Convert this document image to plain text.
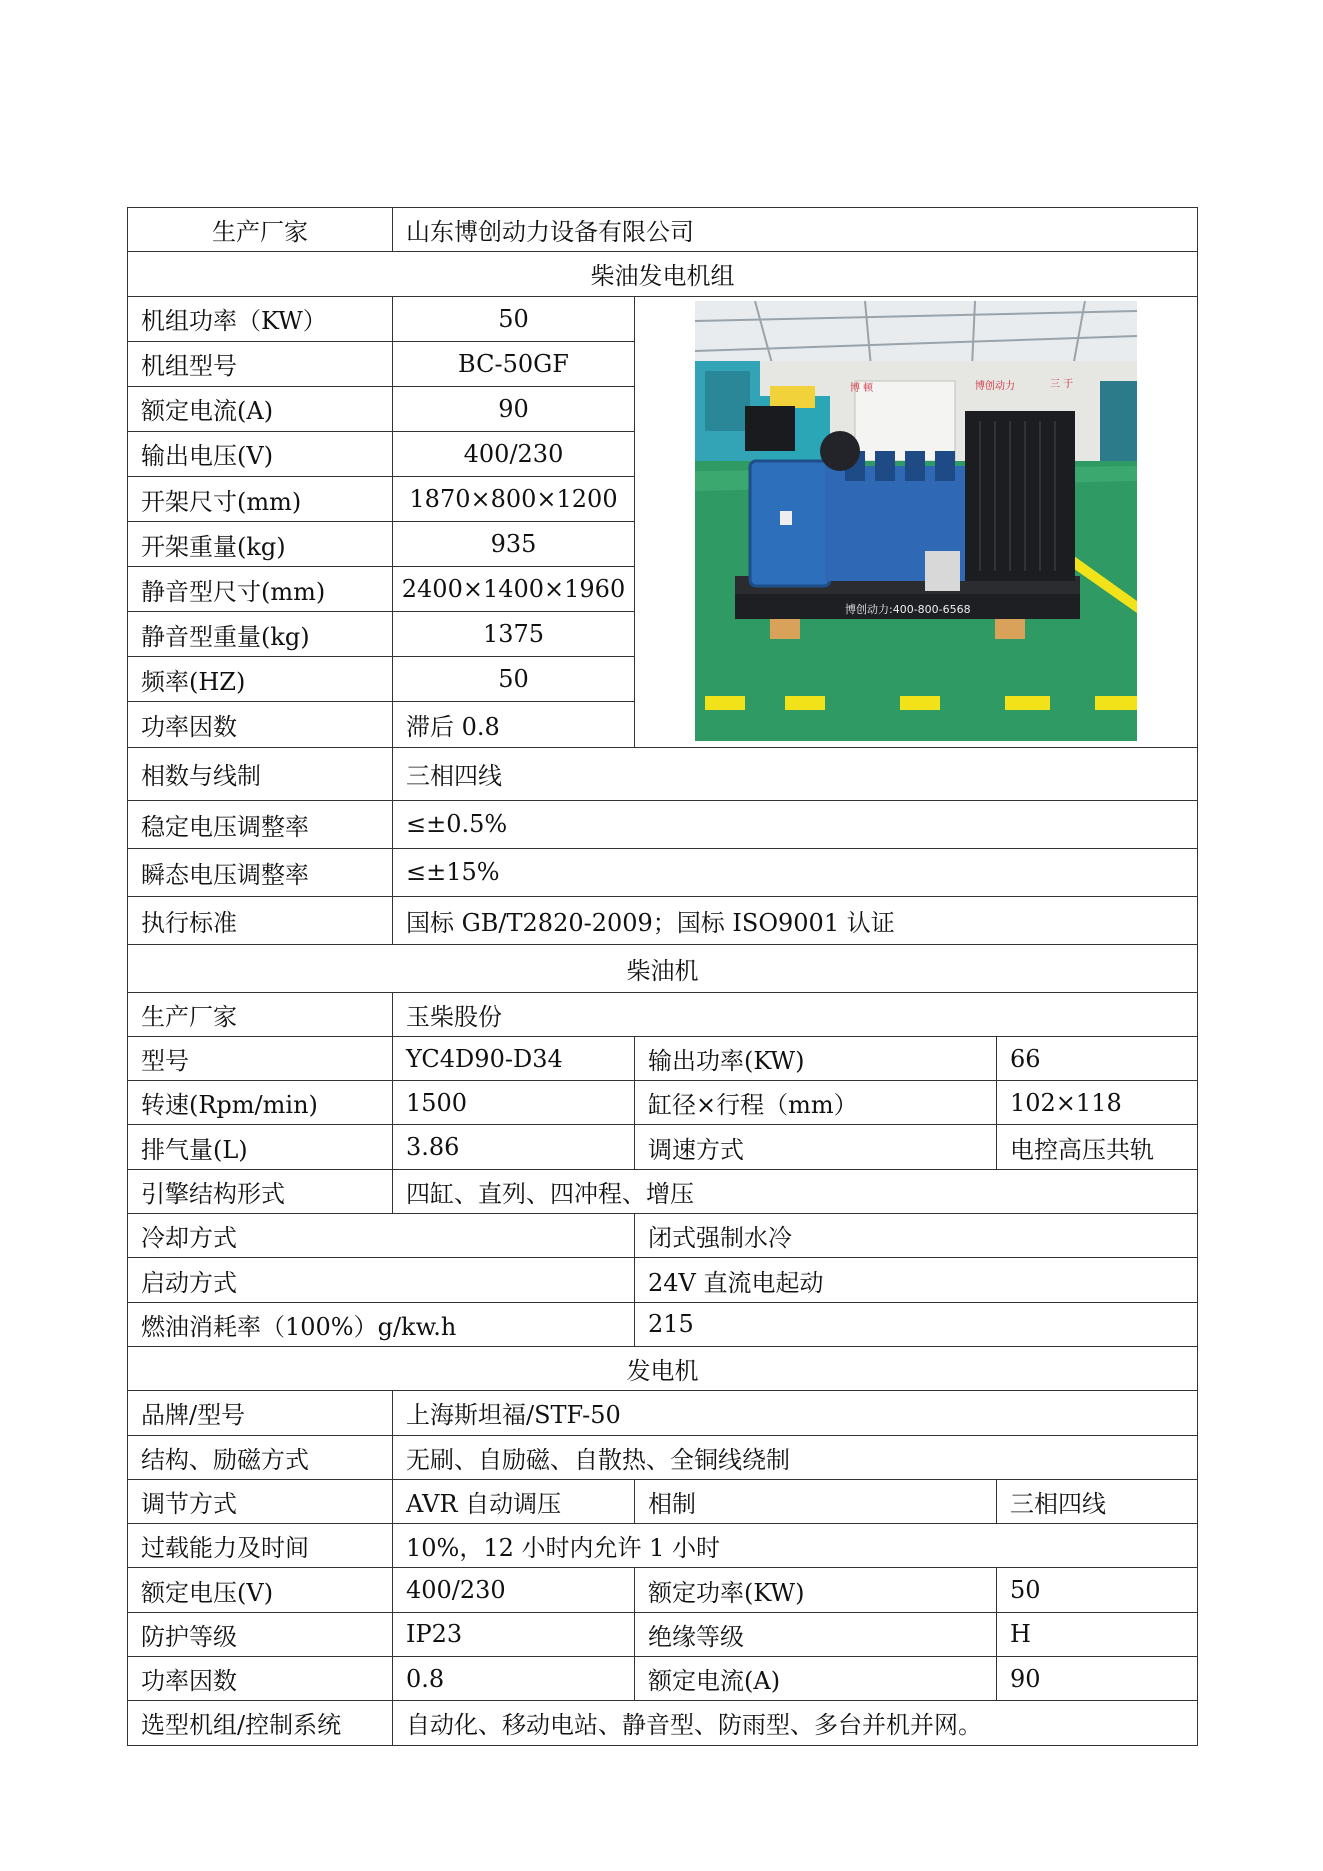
生产厂家	山东博创动力设备有限公司		
柴油发电机组			
机组功率（KW）	50	博 顿 博创动力 三 于
博创动力:400-800-6568	

机组型号	BC-50GF		
额定电流(A)	90		
输出电压(V)	400/230		
开架尺寸(mm)	1870×800×1200		
开架重量(kg)	935		
静音型尺寸(mm)	2400×1400×1960		
静音型重量(kg)	1375		
频率(HZ)	50		
功率因数	滞后 0.8		
相数与线制	三相四线		
稳定电压调整率	≤±0.5%		
瞬态电压调整率	≤±15%		
执行标准	国标 GB/T2820-2009；国标 ISO9001 认证		
柴油机			
生产厂家	玉柴股份		
型号	YC4D90-D34	输出功率(KW)	66
转速(Rpm/min)	1500	缸径×行程（mm）	102×118
排气量(L)	3.86	调速方式	电控高压共轨
引擎结构形式	四缸、直列、四冲程、增压		
冷却方式		闭式强制水冷	
启动方式		24V 直流电起动	
燃油消耗率（100%）g/kw.h		215	
发电机			
品牌/型号	上海斯坦福/STF-50		
结构、励磁方式	无刷、自励磁、自散热、全铜线绕制		
调节方式	AVR 自动调压	相制	三相四线
过载能力及时间	10%，12 小时内允许 1 小时		
额定电压(V)	400/230	额定功率(KW)	50
防护等级	IP23	绝缘等级	H
功率因数	0.8	额定电流(A)	90
选型机组/控制系统	自动化、移动电站、静音型、防雨型、多台并机并网。		
